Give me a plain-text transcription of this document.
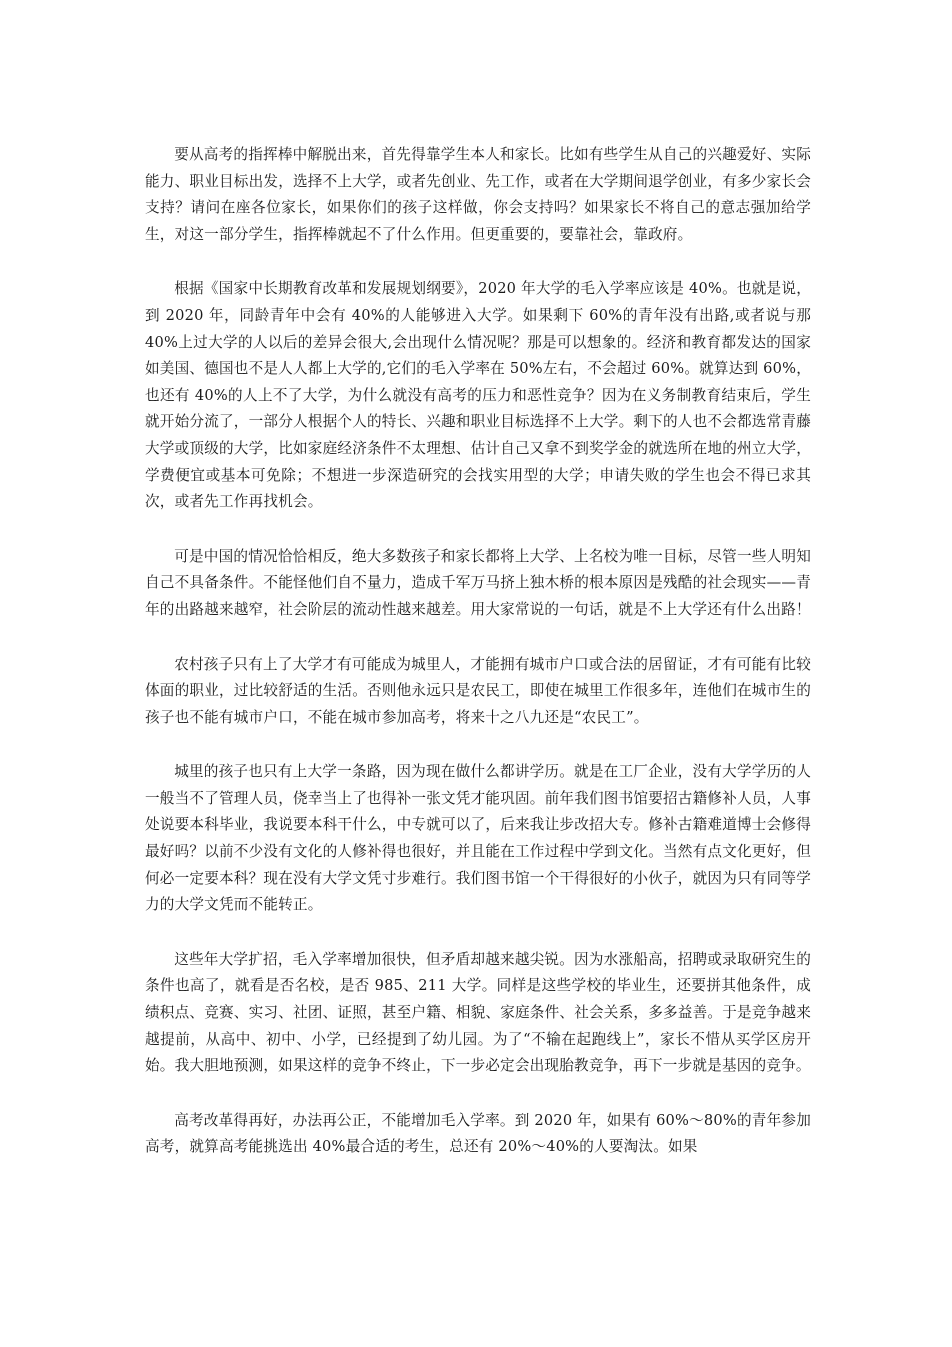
要从高考的指挥棒中解脱出来，首先得靠学生本人和家长。比如有些学生从自己的兴趣爱好、实际能力、职业目标出发，选择不上大学，或者先创业、先工作，或者在大学期间退学创业，有多少家长会支持？请问在座各位家长，如果你们的孩子这样做，你会支持吗？如果家长不将自己的意志强加给学生，对这一部分学生，指挥棒就起不了什么作用。但更重要的，要靠社会，靠政府。

根据《国家中长期教育改革和发展规划纲要》，2020 年大学的毛入学率应该是 40%。也就是说，到 2020 年，同龄青年中会有 40%的人能够进入大学。如果剩下 60%的青年没有出路,或者说与那 40%上过大学的人以后的差异会很大,会出现什么情况呢？那是可以想象的。经济和教育都发达的国家如美国、德国也不是人人都上大学的,它们的毛入学率在 50%左右，不会超过 60%。就算达到 60%，也还有 40%的人上不了大学，为什么就没有高考的压力和恶性竞争？因为在义务制教育结束后，学生就开始分流了，一部分人根据个人的特长、兴趣和职业目标选择不上大学。剩下的人也不会都选常青藤大学或顶级的大学，比如家庭经济条件不太理想、估计自己又拿不到奖学金的就选所在地的州立大学，学费便宜或基本可免除；不想进一步深造研究的会找实用型的大学；申请失败的学生也会不得已求其次，或者先工作再找机会。

可是中国的情况恰恰相反，绝大多数孩子和家长都将上大学、上名校为唯一目标，尽管一些人明知自己不具备条件。不能怪他们自不量力，造成千军万马挤上独木桥的根本原因是残酷的社会现实——青年的出路越来越窄，社会阶层的流动性越来越差。用大家常说的一句话，就是不上大学还有什么出路！

农村孩子只有上了大学才有可能成为城里人，才能拥有城市户口或合法的居留证，才有可能有比较体面的职业，过比较舒适的生活。否则他永远只是农民工，即使在城里工作很多年，连他们在城市生的孩子也不能有城市户口，不能在城市参加高考，将来十之八九还是“农民工”。

城里的孩子也只有上大学一条路，因为现在做什么都讲学历。就是在工厂企业，没有大学学历的人一般当不了管理人员，侥幸当上了也得补一张文凭才能巩固。前年我们图书馆要招古籍修补人员，人事处说要本科毕业，我说要本科干什么，中专就可以了，后来我让步改招大专。修补古籍难道博士会修得最好吗？以前不少没有文化的人修补得也很好，并且能在工作过程中学到文化。当然有点文化更好，但何必一定要本科？现在没有大学文凭寸步难行。我们图书馆一个干得很好的小伙子，就因为只有同等学力的大学文凭而不能转正。

这些年大学扩招，毛入学率增加很快，但矛盾却越来越尖锐。因为水涨船高，招聘或录取研究生的条件也高了，就看是否名校，是否 985、211 大学。同样是这些学校的毕业生，还要拼其他条件，成绩积点、竞赛、实习、社团、证照，甚至户籍、相貌、家庭条件、社会关系，多多益善。于是竞争越来越提前，从高中、初中、小学，已经提到了幼儿园。为了“不输在起跑线上”，家长不惜从买学区房开始。我大胆地预测，如果这样的竞争不终止，下一步必定会出现胎教竞争，再下一步就是基因的竞争。

高考改革得再好，办法再公正，不能增加毛入学率。到 2020 年，如果有 60%～80%的青年参加高考，就算高考能挑选出 40%最合适的考生，总还有 20%～40%的人要淘汰。如果
